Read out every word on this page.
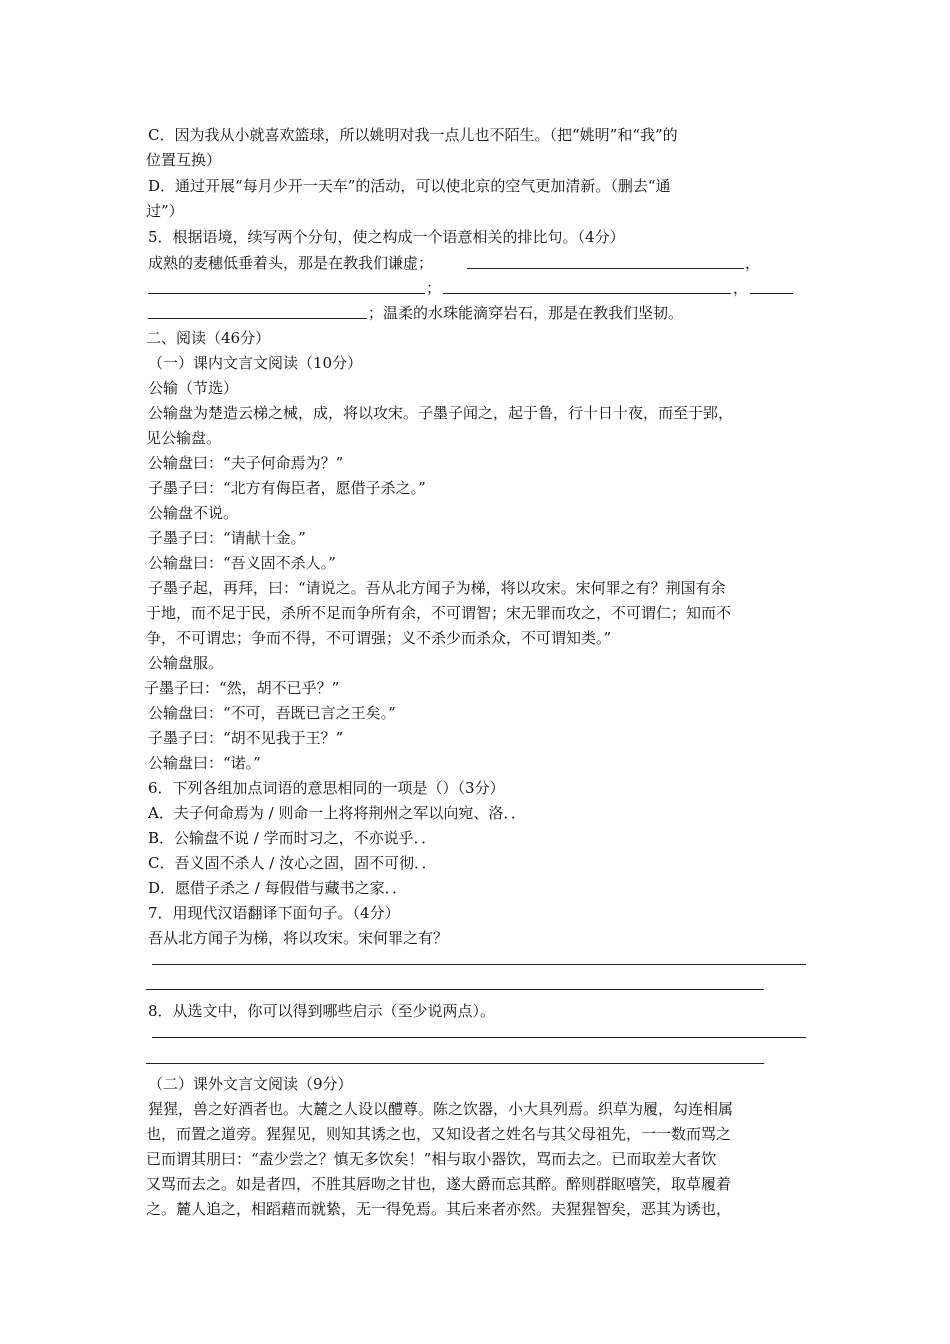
C．因为我从小就喜欢篮球，所以姚明对我一点儿也不陌生。（把“姚明”和“我”的
位置互换）
D．通过开展“每月少开一天车”的活动，可以使北京的空气更加清新。（删去“通
过”）
5．根据语境，续写两个分句，使之构成一个语意相关的排比句。（4分）
成熟的麦穗低垂着头，那是在教我们谦虚；	，
；	，
；温柔的水珠能滴穿岩石，那是在教我们坚韧。
二、阅读（46分）
（一）课内文言文阅读（10分）
公输（节选）
公输盘为楚造云梯之械，成，将以攻宋。子墨子闻之，起于鲁，行十日十夜，而至于郢，
见公输盘。
公输盘曰：“夫子何命焉为？”
子墨子曰：“北方有侮臣者，愿借子杀之。”
公输盘不说。
子墨子曰：“请献十金。”
公输盘曰：“吾义固不杀人。”
子墨子起，再拜，曰：“请说之。吾从北方闻子为梯，将以攻宋。宋何罪之有？荆国有余
于地，而不足于民，杀所不足而争所有余，不可谓智；宋无罪而攻之，不可谓仁；知而不
争，不可谓忠；争而不得，不可谓强；义不杀少而杀众，不可谓知类。”
公输盘服。
子墨子曰：“然，胡不已乎？”
公输盘曰：“不可，吾既已言之王矣。”
子墨子曰：“胡不见我于王？”
公输盘曰：“诺。”
6．下列各组加点词语的意思相同的一项是（）（3分）
A．夫子何命焉为 / 则命一上将将荆州之军以向宛、洛．．
B．公输盘不说 / 学而时习之，不亦说乎．．
C．吾义固不杀人 / 汝心之固，固不可彻．．
D．愿借子杀之 / 每假借与藏书之家．．
7．用现代汉语翻译下面句子。（4分）
吾从北方闻子为梯，将以攻宋。宋何罪之有？
8．从选文中，你可以得到哪些启示（至少说两点）。
（二）课外文言文阅读（9分）
猩猩，兽之好酒者也。大麓之人设以醴尊。陈之饮器，小大具列焉。织草为履，勾连相属
也，而置之道旁。猩猩见，则知其诱之也，又知设者之姓名与其父母祖先，一一数而骂之
已而谓其朋曰：“盍少尝之？慎无多饮矣！”相与取小器饮，骂而去之。已而取差大者饮
又骂而去之。如是者四，不胜其唇吻之甘也，遂大爵而忘其醉。醉则群眍嘻笑，取草履着
之。麓人追之，相蹈藉而就絷，无一得免焉。其后来者亦然。夫猩猩智矣，恶其为诱也，
